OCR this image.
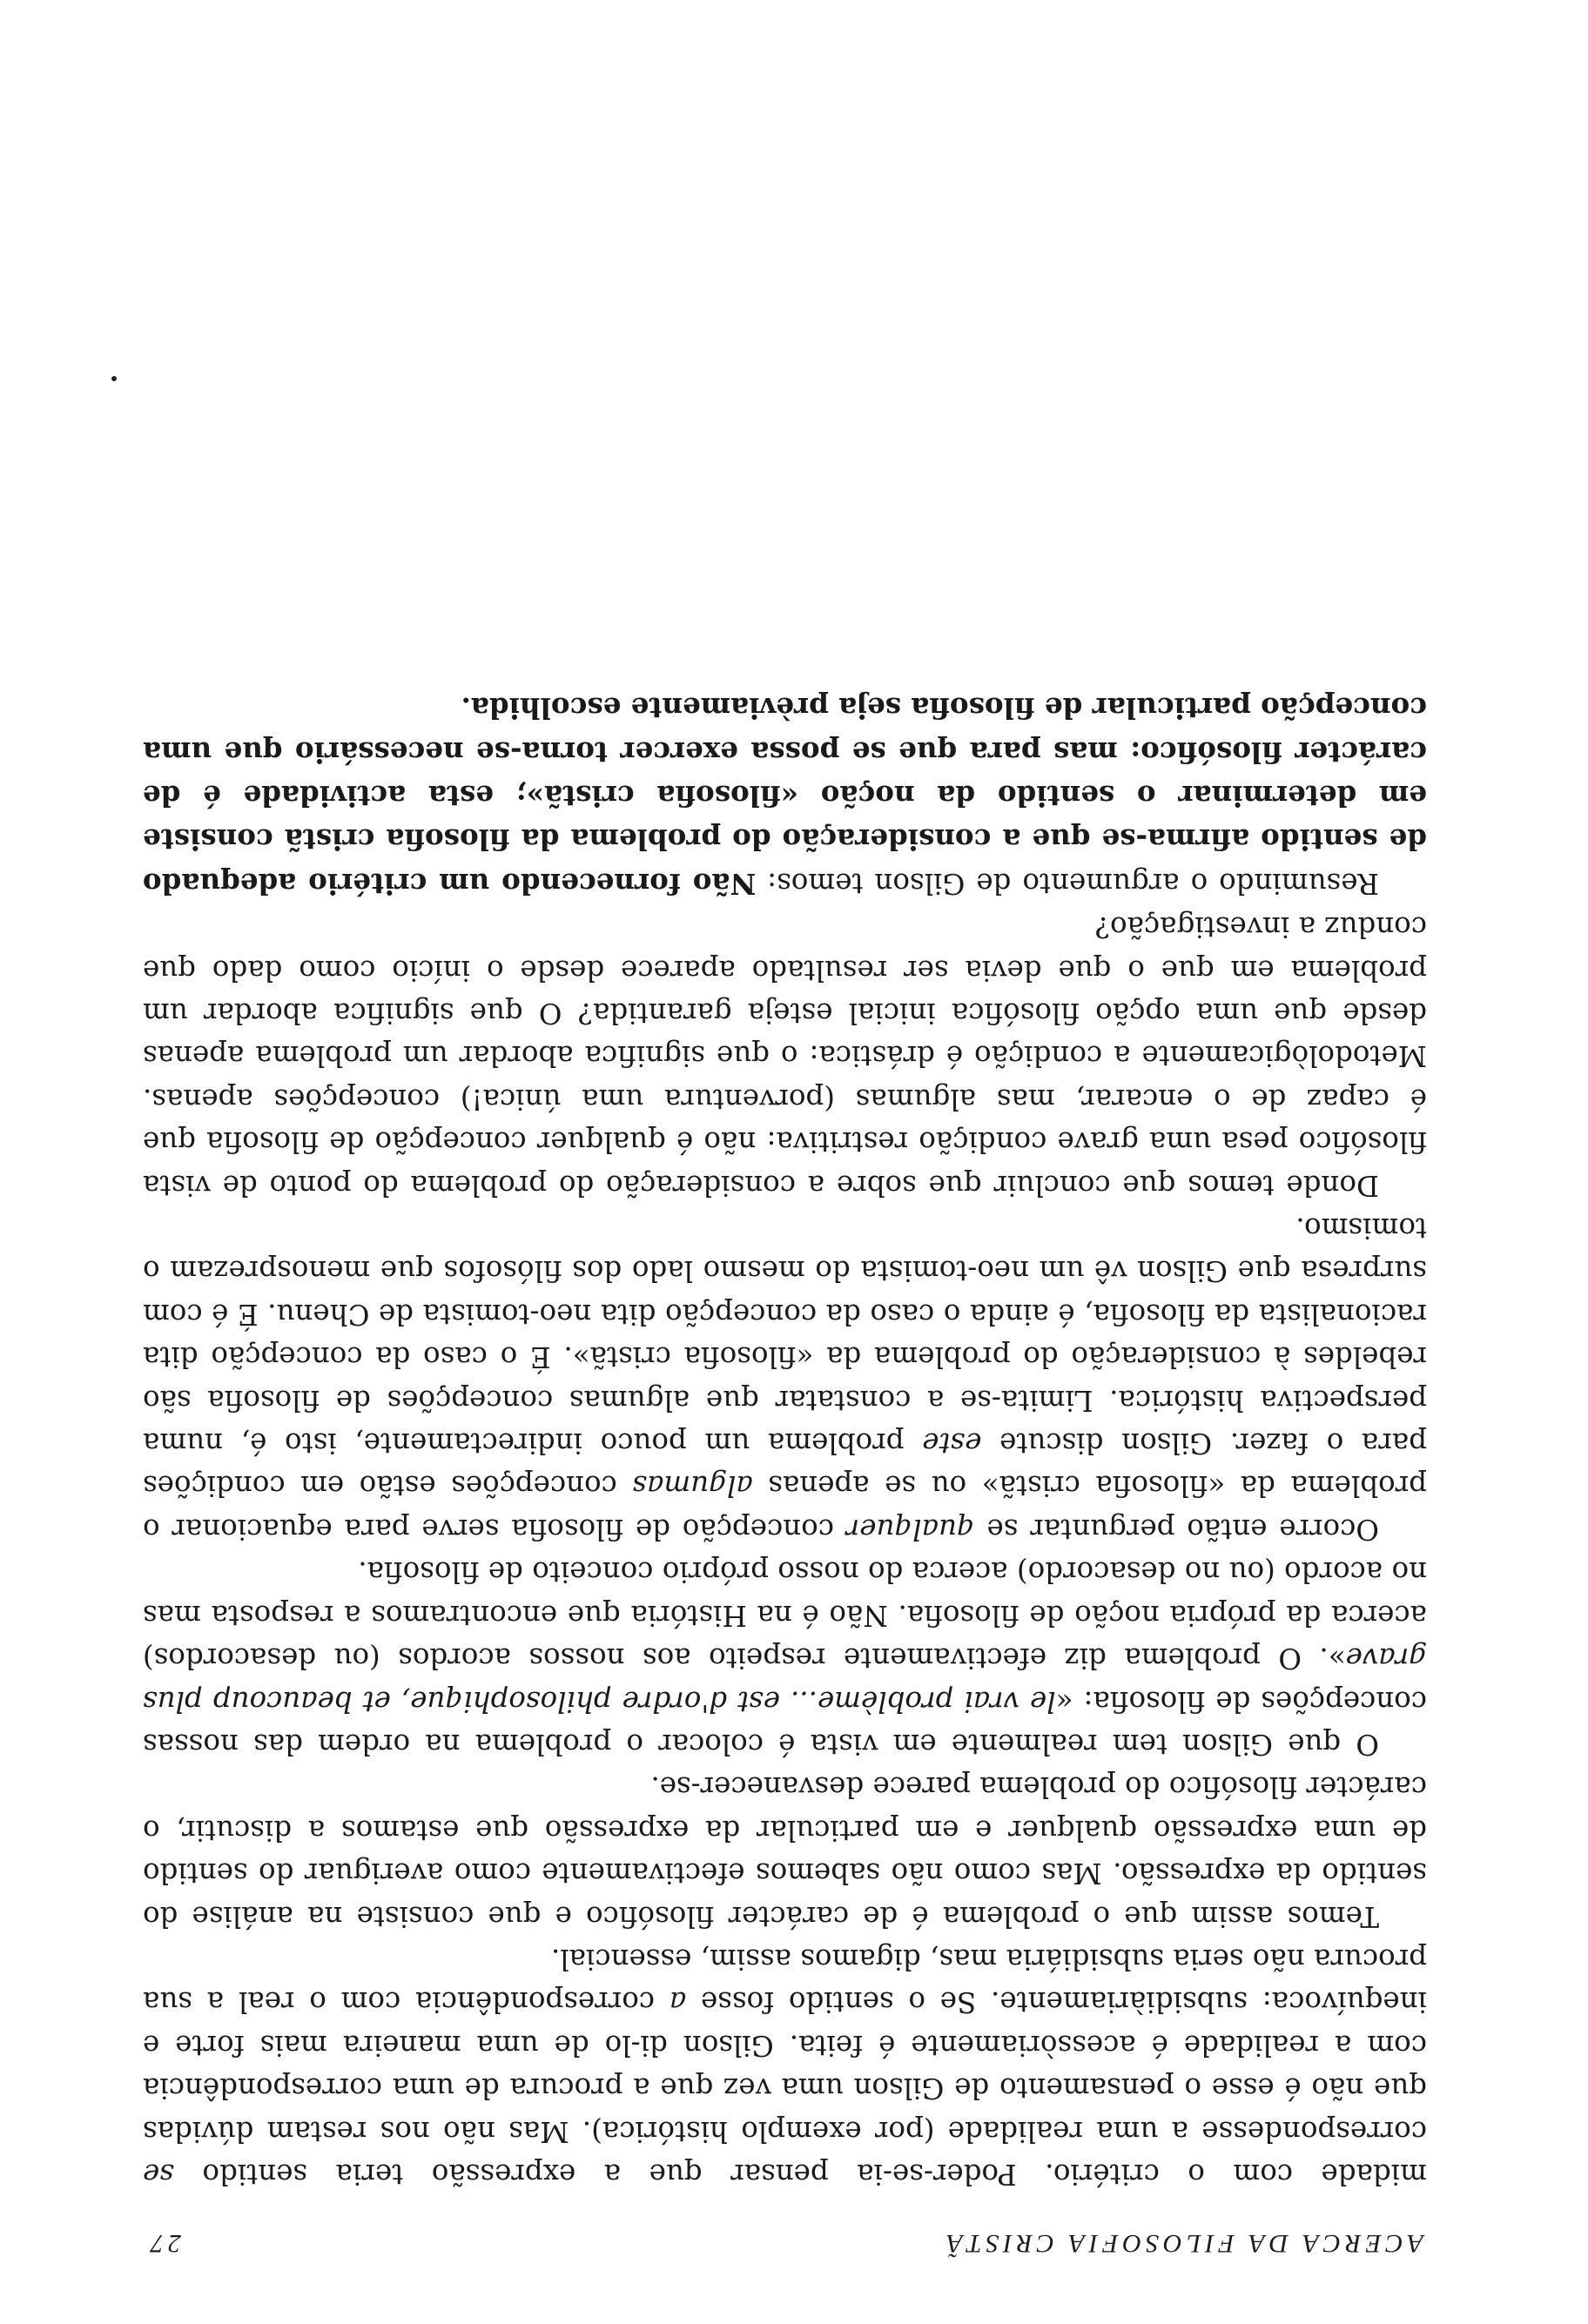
ACERCA DA FILOSOFIA CRISTÃ
27

midade com o critério. Poder-se-ia pensar que a expressão teria sentido se correspondesse a uma realidade (por exemplo histórica). Mas não nos restam dúvidas que não é esse o pensamento de Gilson uma vez que a procura de uma correspondência com a realidade é acessòriamente é feita. Gilson di-lo de uma maneira mais forte e inequívoca: subsidiàriamente. Se o sentido fosse a correspondência com o real a sua procura não seria subsidiária mas, digamos assim, essencial.

Temos assim que o problema é de carácter filosófico e que consiste na análise do sentido da expressão. Mas como não sabemos efectivamente como averiguar do sentido de uma expressão qualquer e em particular da expressão que estamos a discutir, o carácter filosófico do problema parece desvanecer-se.

O que Gilson tem realmente em vista é colocar o problema na ordem das nossas concepções de filosofia: «le vrai problème... est d'ordre philosophique, et beaucoup plus grave». O problema diz efectivamente respeito aos nossos acordos (ou desacordos) acerca da própria noção de filosofia. Não é na História que encontramos a resposta mas no acordo (ou no desacordo) acerca do nosso próprio conceito de filosofia.

Ocorre então perguntar se qualquer concepção de filosofia serve para equacionar o problema da «filosofia cristã» ou se apenas algumas concepções estão em condições para o fazer. Gilson discute este problema um pouco indirectamente, isto é, numa perspectiva histórica. Limita-se a constatar que algumas concepções de filosofia são rebeldes à consideração do problema da «filosofia cristã». É o caso da concepção dita racionalista da filosofia, é ainda o caso da concepção dita neo-tomista de Chenu. É é com surpresa que Gilson vê um neo-tomista do mesmo lado dos filósofos que menosprezam o tomismo.

Donde temos que concluir que sobre a consideração do problema do ponto de vista filosófico pesa uma grave condição restritiva: não é qualquer concepção de filosofia que é capaz de o encarar, mas algumas (porventura uma única!) concepções apenas. Metodològicamente a condição é drástica: o que significa abordar um problema apenas desde que uma opção filosófica inicial esteja garantida? O que significa abordar um problema em que o que devia ser resultado aparece desde o início como dado que conduz a investigação?

Resumindo o argumento de Gilson temos: Não fornecendo um critério adequado de sentido afirma-se que a consideração do problema da filosofia cristã consiste em determinar o sentido da noção «filosofia cristã»; esta actividade é de carácter filosófico: mas para que se possa exercer torna-se necessário que uma concepção particular de filosofia seja prèviamente escolhida.
